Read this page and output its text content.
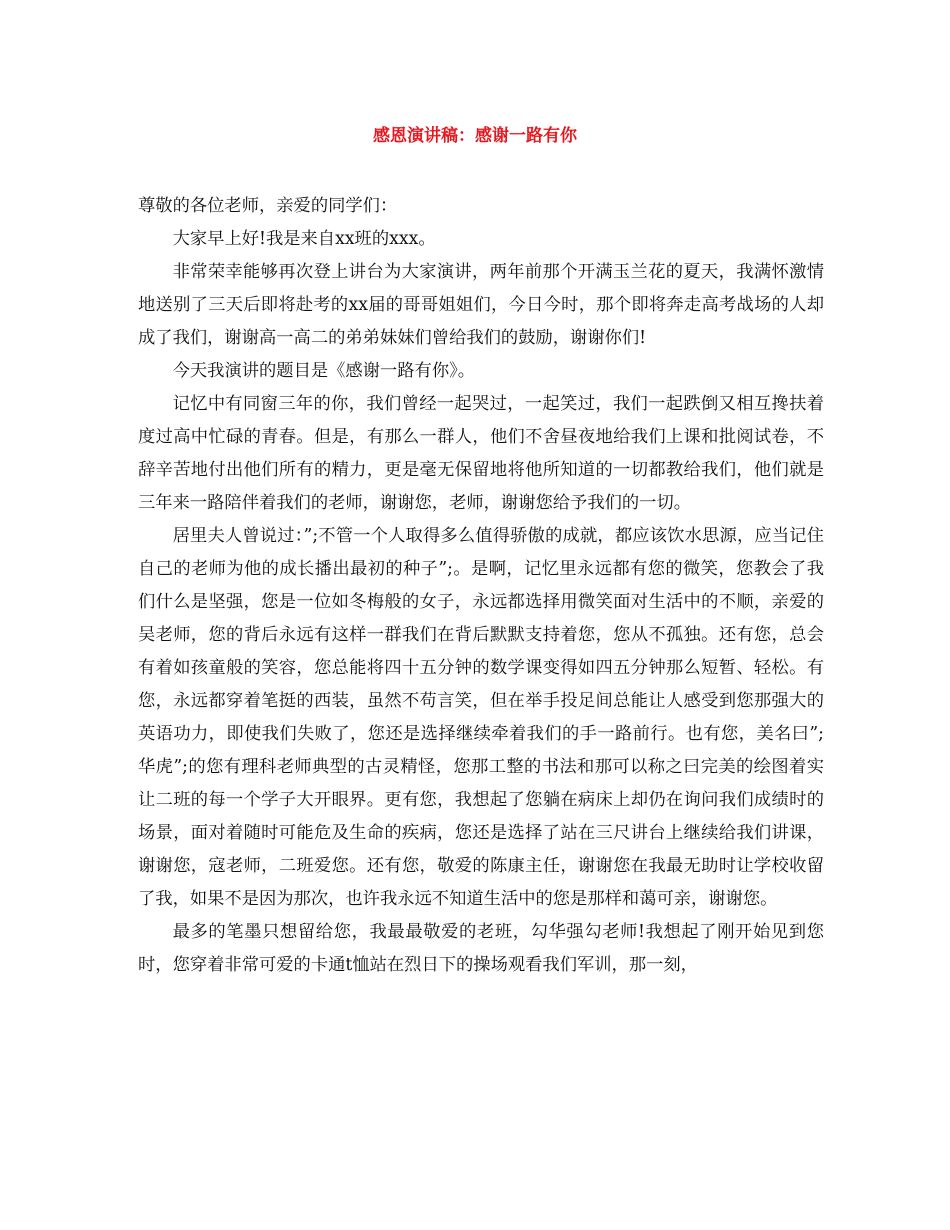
感恩演讲稿：感谢一路有你

尊敬的各位老师，亲爱的同学们：

大家早上好!我是来自xx班的xxx。

非常荣幸能够再次登上讲台为大家演讲，两年前那个开满玉兰花的夏天，我满怀激情地送别了三天后即将赴考的xx届的哥哥姐姐们，今日今时，那个即将奔走高考战场的人却成了我们，谢谢高一高二的弟弟妹妹们曾给我们的鼓励，谢谢你们!

今天我演讲的题目是《感谢一路有你》。

记忆中有同窗三年的你，我们曾经一起哭过，一起笑过，我们一起跌倒又相互搀扶着度过高中忙碌的青春。但是，有那么一群人，他们不舍昼夜地给我们上课和批阅试卷，不辞辛苦地付出他们所有的精力，更是毫无保留地将他所知道的一切都教给我们，他们就是三年来一路陪伴着我们的老师，谢谢您，老师，谢谢您给予我们的一切。

居里夫人曾说过：”;不管一个人取得多么值得骄傲的成就，都应该饮水思源，应当记住自己的老师为他的成长播出最初的种子”;。是啊，记忆里永远都有您的微笑，您教会了我们什么是坚强，您是一位如冬梅般的女子，永远都选择用微笑面对生活中的不顺，亲爱的吴老师，您的背后永远有这样一群我们在背后默默支持着您，您从不孤独。还有您，总会有着如孩童般的笑容，您总能将四十五分钟的数学课变得如四五分钟那么短暂、轻松。有您，永远都穿着笔挺的西装，虽然不苟言笑，但在举手投足间总能让人感受到您那强大的英语功力，即使我们失败了，您还是选择继续牵着我们的手一路前行。也有您，美名曰”;华虎”;的您有理科老师典型的古灵精怪，您那工整的书法和那可以称之曰完美的绘图着实让二班的每一个学子大开眼界。更有您，我想起了您躺在病床上却仍在询问我们成绩时的场景，面对着随时可能危及生命的疾病，您还是选择了站在三尺讲台上继续给我们讲课，谢谢您，寇老师，二班爱您。还有您，敬爱的陈康主任，谢谢您在我最无助时让学校收留了我，如果不是因为那次，也许我永远不知道生活中的您是那样和蔼可亲，谢谢您。

最多的笔墨只想留给您，我最最敬爱的老班，勾华强勾老师!我想起了刚开始见到您时，您穿着非常可爱的卡通t恤站在烈日下的操场观看我们军训，那一刻，
